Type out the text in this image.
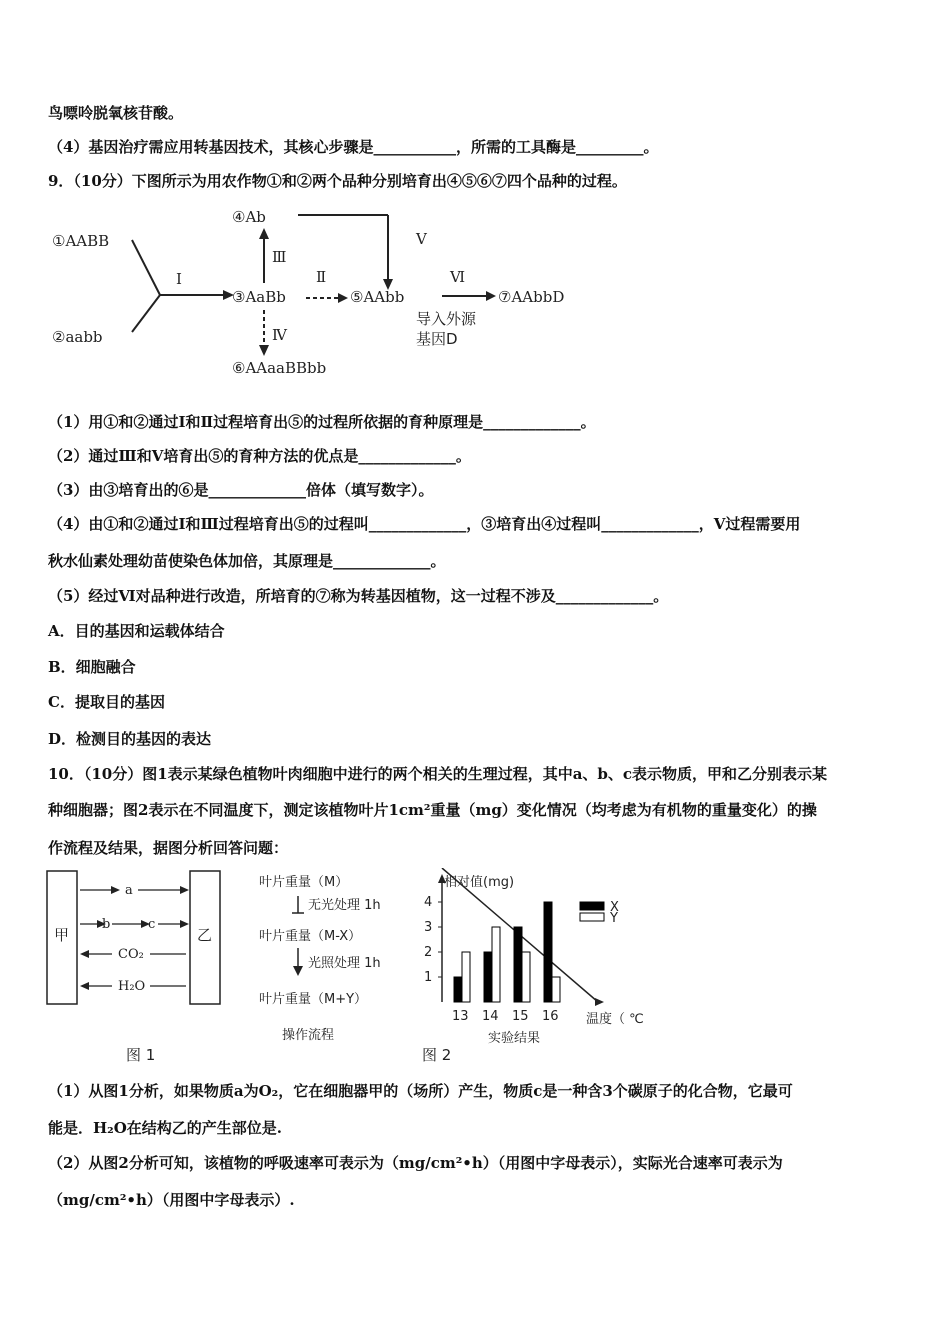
鸟嘌呤脱氧核苷酸。
（4）基因治疗需应用转基因技术，其核心步骤是___________，所需的工具酶是_________。
9．（10分）下图所示为用农作物①和②两个品种分别培育出④⑤⑥⑦四个品种的过程。
①AABB
②aabb
③AaBb
④Ab
⑤AAbb
⑥AAaaBBbb
⑦AAbbD
Ⅰ	Ⅱ
Ⅲ
Ⅳ
Ⅴ
Ⅵ
导入外源
基因D
（1）用①和②通过Ⅰ和Ⅱ过程培育出⑤的过程所依据的育种原理是_____________。
（2）通过Ⅲ和Ⅴ培育出⑤的育种方法的优点是_____________。
（3）由③培育出的⑥是_____________倍体（填写数字）。
（4）由①和②通过Ⅰ和Ⅲ过程培育出⑤的过程叫_____________，③培育出④过程叫_____________，Ⅴ过程需要用
秋水仙素处理幼苗使染色体加倍，其原理是_____________。
（5）经过Ⅵ对品种进行改造，所培育的⑦称为转基因植物，这一过程不涉及_____________。
A．目的基因和运载体结合
B．细胞融合
C．提取目的基因
D．检测目的基因的表达
10．（10分）图1表示某绿色植物叶肉细胞中进行的两个相关的生理过程，其中a、b、c表示物质，甲和乙分别表示某
种细胞器；图2表示在不同温度下，测定该植物叶片1cm²重量（mg）变化情况（均考虑为有机物的重量变化）的操
作流程及结果，据图分析回答问题：
甲	乙
a
b	c
CO₂
H₂O
图 1
叶片重量（M）
无光处理 1h
叶片重量（M-X）
光照处理 1h
叶片重量（M+Y）
操作流程
相对值(mg)
温度（ ℃
实验结果
1
2
3
4
13 14 15 16
X
Y
图 2
（1）从图1分析，如果物质a为O₂，它在细胞器甲的（场所）产生，物质c是一种含3个碳原子的化合物，它最可
能是．H₂O在结构乙的产生部位是.
（2）从图2分析可知，该植物的呼吸速率可表示为（mg/cm²•h）（用图中字母表示），实际光合速率可表示为
（mg/cm²•h）（用图中字母表示）.
